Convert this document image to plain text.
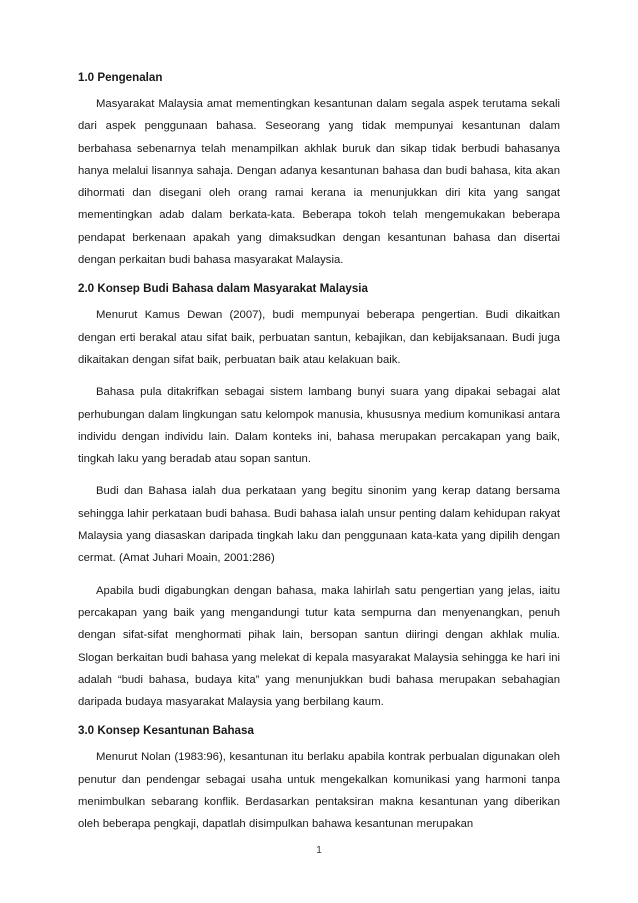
1.0 Pengenalan

Masyarakat Malaysia amat mementingkan kesantunan dalam segala aspek terutama sekali dari aspek penggunaan bahasa. Seseorang yang tidak mempunyai kesantunan dalam berbahasa sebenarnya telah menampilkan akhlak buruk dan sikap tidak berbudi bahasanya hanya melalui lisannya sahaja. Dengan adanya kesantunan bahasa dan budi bahasa, kita akan dihormati dan disegani oleh orang ramai kerana ia menunjukkan diri kita yang sangat mementingkan adab dalam berkata-kata. Beberapa tokoh telah mengemukakan beberapa pendapat berkenaan apakah yang dimaksudkan dengan kesantunan bahasa dan disertai dengan perkaitan budi bahasa masyarakat Malaysia.

2.0 Konsep Budi Bahasa dalam Masyarakat Malaysia

Menurut Kamus Dewan (2007), budi mempunyai beberapa pengertian. Budi dikaitkan dengan erti berakal atau sifat baik, perbuatan santun, kebajikan, dan kebijaksanaan. Budi juga dikaitakan dengan sifat baik, perbuatan baik atau kelakuan baik.

Bahasa pula ditakrifkan sebagai sistem lambang bunyi suara yang dipakai sebagai alat perhubungan dalam lingkungan satu kelompok manusia, khususnya medium komunikasi antara individu dengan individu lain. Dalam konteks ini, bahasa merupakan percakapan yang baik, tingkah laku yang beradab atau sopan santun.

Budi dan Bahasa ialah dua perkataan yang begitu sinonim yang kerap datang bersama sehingga lahir perkataan budi bahasa. Budi bahasa ialah unsur penting dalam kehidupan rakyat Malaysia yang diasaskan daripada tingkah laku dan penggunaan kata-kata yang dipilih dengan cermat. (Amat Juhari Moain, 2001:286)

Apabila budi digabungkan dengan bahasa, maka lahirlah satu pengertian yang jelas, iaitu percakapan yang baik yang mengandungi tutur kata sempurna dan menyenangkan, penuh dengan sifat-sifat menghormati pihak lain, bersopan santun diiringi dengan akhlak mulia. Slogan berkaitan budi bahasa yang melekat di kepala masyarakat Malaysia sehingga ke hari ini adalah “budi bahasa, budaya kita” yang menunjukkan budi bahasa merupakan sebahagian daripada budaya masyarakat Malaysia yang berbilang kaum.

3.0 Konsep Kesantunan Bahasa

Menurut Nolan (1983:96), kesantunan itu berlaku apabila kontrak perbualan digunakan oleh penutur dan pendengar sebagai usaha untuk mengekalkan komunikasi yang harmoni tanpa menimbulkan sebarang konflik. Berdasarkan pentaksiran makna kesantunan yang diberikan oleh beberapa pengkaji, dapatlah disimpulkan bahawa kesantunan merupakan

1
